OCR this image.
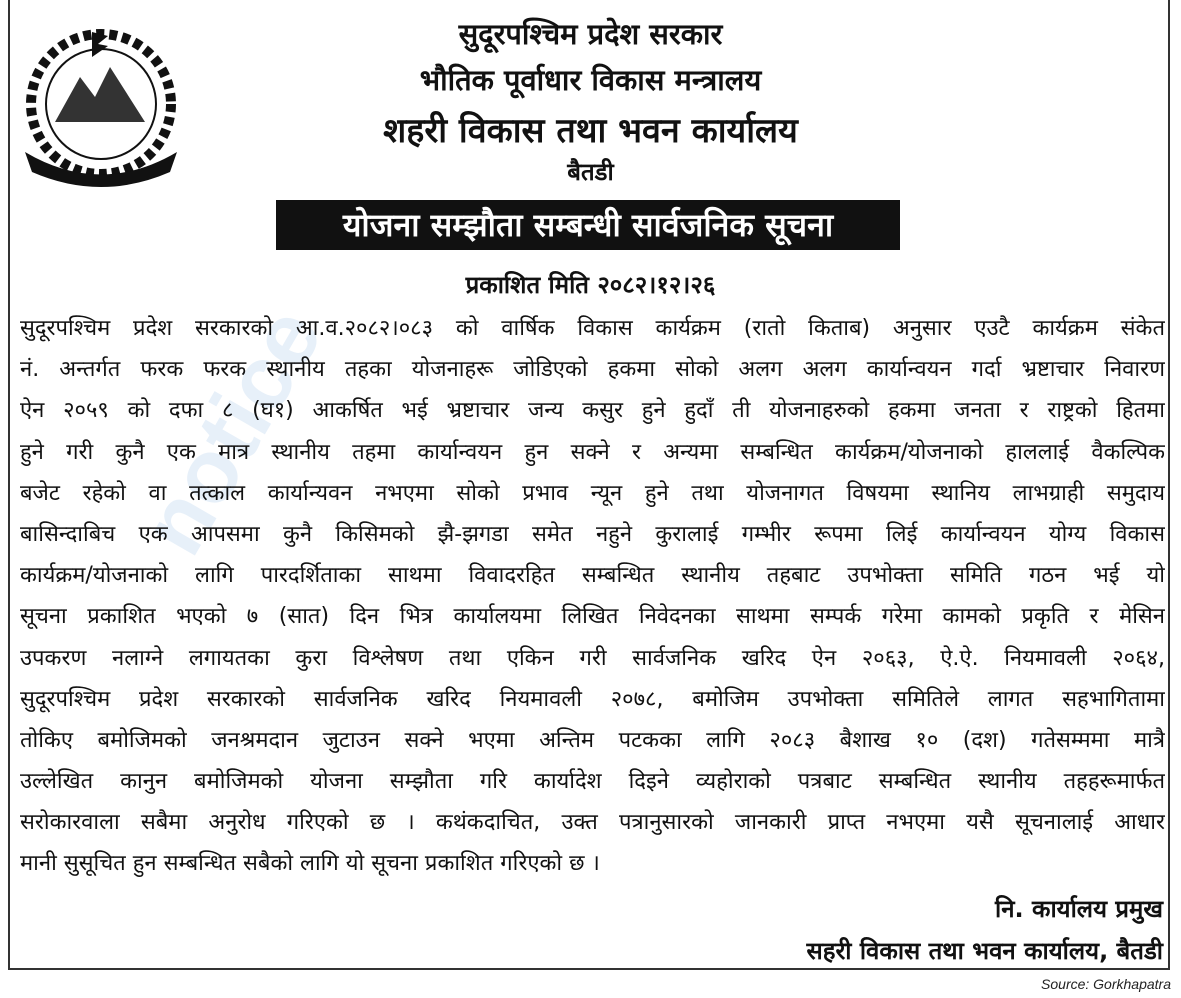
notice
सुदूरपश्चिम प्रदेश सरकार
भौतिक पूर्वाधार विकास मन्त्रालय
शहरी विकास तथा भवन कार्यालय
बैतडी
योजना सम्झौता सम्बन्धी सार्वजनिक सूचना
प्रकाशित मिति २०८२।१२।२६
सुदूरपश्चिम प्रदेश सरकारको आ.व.२०८२।०८३ को वार्षिक विकास कार्यक्रम (रातो किताब) अनुसार एउटै कार्यक्रम संकेत
नं. अन्तर्गत फरक फरक स्थानीय तहका योजनाहरू जोडिएको हकमा सोको अलग अलग कार्यान्वयन गर्दा भ्रष्टाचार निवारण
ऐन २०५९ को दफा ८ (घ१) आकर्षित भई भ्रष्टाचार जन्य कसुर हुने हुदाँ ती योजनाहरुको हकमा जनता र राष्ट्रको हितमा
हुने गरी कुनै एक मात्र स्थानीय तहमा कार्यान्वयन हुन सक्ने र अन्यमा सम्बन्धित कार्यक्रम/योजनाको हाललाई वैकल्पिक
बजेट रहेको वा तत्काल कार्यान्यवन नभएमा सोको प्रभाव न्यून हुने तथा योजनागत विषयमा स्थानिय लाभग्राही समुदाय
बासिन्दाबिच एक आपसमा कुनै किसिमको झै-झगडा समेत नहुने कुरालाई गम्भीर रूपमा लिई कार्यान्वयन योग्य विकास
कार्यक्रम/योजनाको लागि पारदर्शिताका साथमा विवादरहित सम्बन्धित स्थानीय तहबाट उपभोक्ता समिति गठन भई यो
सूचना प्रकाशित भएको ७ (सात) दिन भित्र कार्यालयमा लिखित निवेदनका साथमा सम्पर्क गरेमा कामको प्रकृति र मेसिन
उपकरण नलाग्ने लगायतका कुरा विश्लेषण तथा एकिन गरी सार्वजनिक खरिद ऐन २०६३, ऐ.ऐ. नियमावली २०६४,
सुदूरपश्चिम प्रदेश सरकारको सार्वजनिक खरिद नियमावली २०७८, बमोजिम उपभोक्ता समितिले लागत सहभागितामा
तोकिए बमोजिमको जनश्रमदान जुटाउन सक्ने भएमा अन्तिम पटकका लागि २०८३ बैशाख १० (दश) गतेसम्ममा मात्रै
उल्लेखित कानुन बमोजिमको योजना सम्झौता गरि कार्यादेश दिइने व्यहोराको पत्रबाट सम्बन्धित स्थानीय तहहरूमार्फत
सरोकारवाला सबैमा अनुरोध गरिएको छ । कथंकदाचित, उक्त पत्रानुसारको जानकारी प्राप्त नभएमा यसै सूचनालाई आधार
मानी सुसूचित हुन सम्बन्धित सबैको लागि यो सूचना प्रकाशित गरिएको छ ।
नि. कार्यालय प्रमुख
सहरी विकास तथा भवन कार्यालय, बैतडी
Source: Gorkhapatra
